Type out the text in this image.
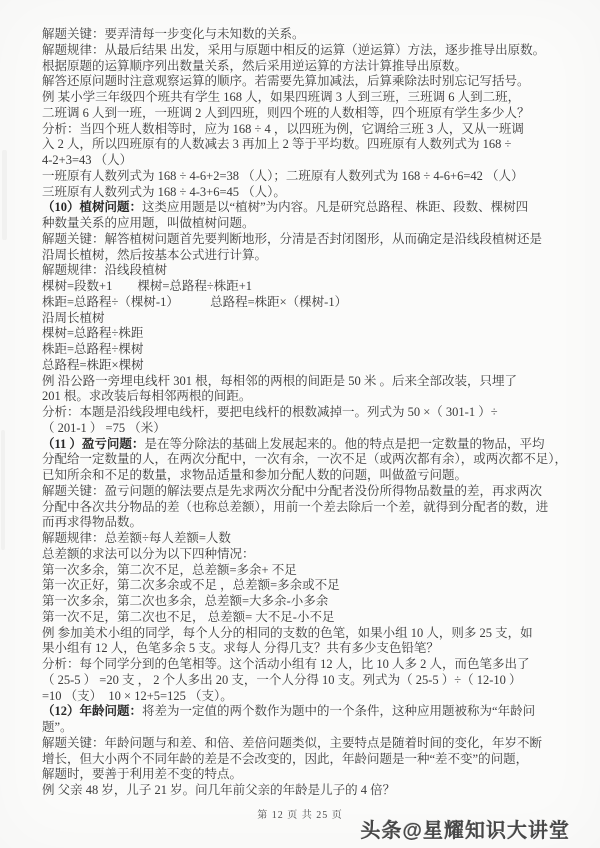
解题关键：要弄清每一步变化与未知数的关系。
解题规律：从最后结果 出发，采用与原题中相反的运算（逆运算）方法，逐步推导出原数。
根据原题的运算顺序列出数量关系，然后采用逆运算的方法计算推导出原数。
解答还原问题时注意观察运算的顺序。若需要先算加减法，后算乘除法时别忘记写括号。
例 某小学三年级四个班共有学生 168 人，如果四班调 3 人到三班，三班调 6 人到二班，
二班调 6 人到一班，一班调 2 人到四班，则四个班的人数相等，四个班原有学生多少人？
分析：当四个班人数相等时，应为 168 ÷ 4 ，以四班为例，它调给三班 3 人，又从一班调
入 2 人，所以四班原有的人数减去 3 再加上 2 等于平均数。四班原有人数列式为 168 ÷
4-2+3=43 （人）
一班原有人数列式为 168 ÷ 4-6+2=38 （人）；二班原有人数列式为 168 ÷ 4-6+6=42 （人）
三班原有人数列式为 168 ÷ 4-3+6=45 （人）。
（10）植树问题：这类应用题是以“植树”为内容。凡是研究总路程、株距、段数、棵树四
种数量关系的应用题，叫做植树问题。
解题关键：解答植树问题首先要判断地形，分清是否封闭图形，从而确定是沿线段植树还是
沿周长植树，然后按基本公式进行计算。
解题规律：沿线段植树
棵树=段数+1　　棵树=总路程÷株距+1
株距=总路程÷（棵树-1）　　　总路程=株距×（棵树-1）
沿周长植树
棵树=总路程÷株距
株距=总路程÷棵树
总路程=株距×棵树
例 沿公路一旁埋电线杆 301 根，每相邻的两根的间距是 50 米 。后来全部改装，只埋了
201 根。求改装后每相邻两根的间距。
分析：本题是沿线段埋电线杆，要把电线杆的根数减掉一。列式为 50 ×（ 301-1 ）÷
（ 201-1 ） =75 （米）
（11 ）盈亏问题：是在等分除法的基础上发展起来的。他的特点是把一定数量的物品，平均
分配给一定数量的人，在两次分配中，一次有余，一次不足（或两次都有余），或两次都不足），
已知所余和不足的数量，求物品适量和参加分配人数的问题，叫做盈亏问题。
解题关键：盈亏问题的解法要点是先求两次分配中分配者没份所得物品数量的差，再求两次
分配中各次共分物品的差（也称总差额），用前一个差去除后一个差，就得到分配者的数，进
而再求得物品数。
解题规律：总差额÷每人差额=人数
总差额的求法可以分为以下四种情况：
第一次多余，第二次不足，总差额=多余+ 不足
第一次正好，第二次多余或不足 ，总差额=多余或不足
第一次多余，第二次也多余，总差额=大多余-小多余
第一次不足，第二次也不足， 总差额= 大不足-小不足
例 参加美术小组的同学，每个人分的相同的支数的色笔，如果小组 10 人，则多 25 支，如
果小组有 12 人，色笔多余 5 支。求每人 分得几支？共有多少支色铅笔？
分析：每个同学分到的色笔相等。这个活动小组有 12 人，比 10 人多 2 人，而色笔多出了
（ 25-5 ） =20 支 ， 2 个人多出 20 支，一个人分得 10 支。列式为（ 25-5 ）÷（ 12-10 ）
=10 （支）  10 × 12+5=125 （支）。
（12）年龄问题：将差为一定值的两个数作为题中的一个条件，这种应用题被称为“年龄问
题”。
解题关键：年龄问题与和差、和倍、差倍问题类似，主要特点是随着时间的变化，年岁不断
增长，但大小两个不同年龄的差是不会改变的，因此，年龄问题是一种“差不变”的问题，
解题时，要善于利用差不变的特点。
例 父亲 48 岁，儿子 21 岁。问几年前父亲的年龄是儿子的 4 倍？
第 12 页 共 25 页
头条@星耀知识大讲堂
